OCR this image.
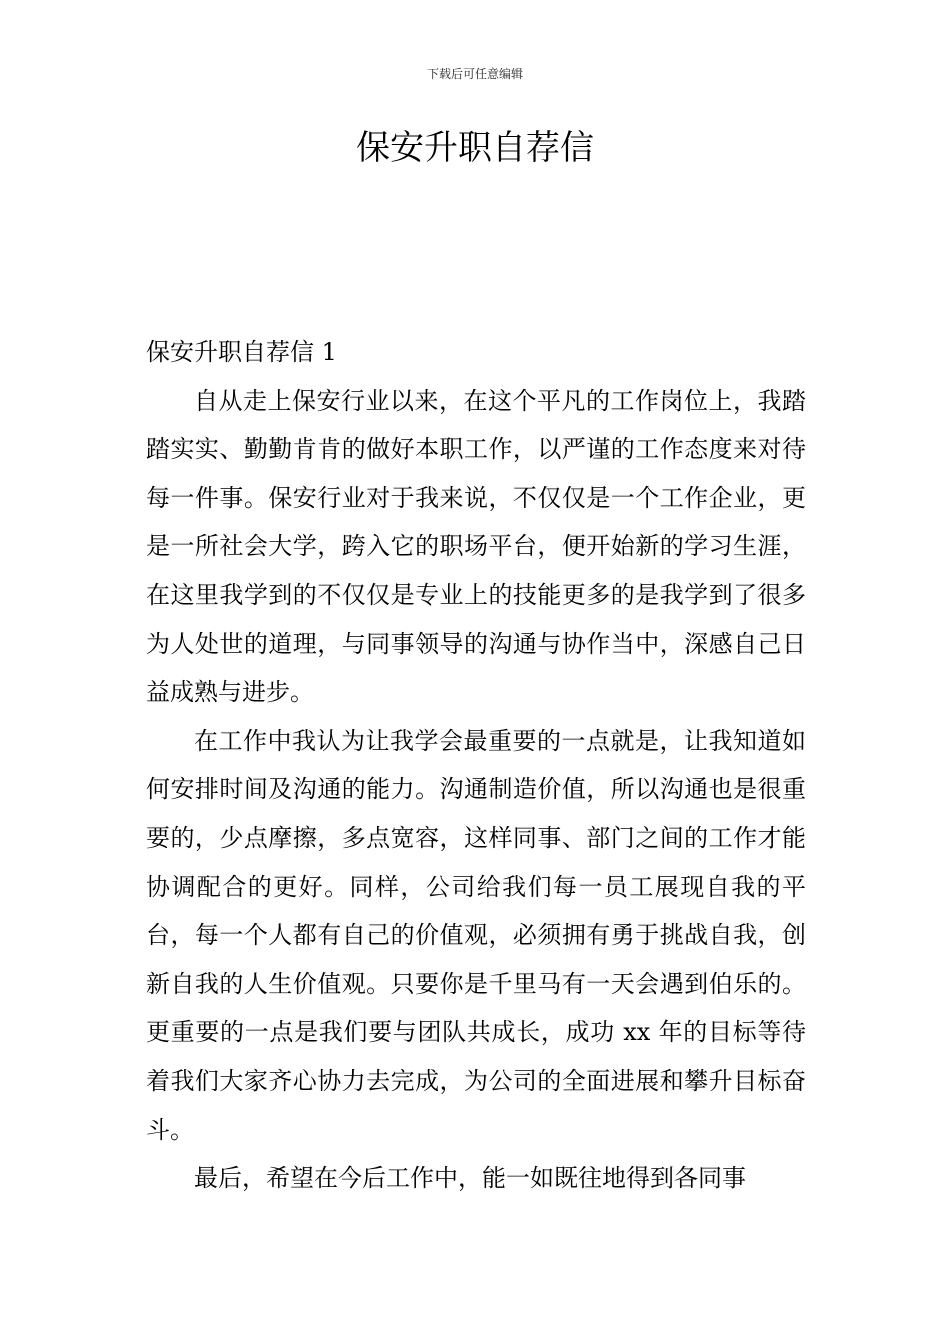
下载后可任意编辑
保安升职自荐信

保安升职自荐信 1

自从走上保安行业以来，在这个平凡的工作岗位上，我踏踏实实、勤勤肯肯的做好本职工作，以严谨的工作态度来对待每一件事。保安行业对于我来说，不仅仅是一个工作企业，更是一所社会大学，跨入它的职场平台，便开始新的学习生涯，在这里我学到的不仅仅是专业上的技能更多的是我学到了很多为人处世的道理，与同事领导的沟通与协作当中，深感自己日益成熟与进步。

在工作中我认为让我学会最重要的一点就是，让我知道如何安排时间及沟通的能力。沟通制造价值，所以沟通也是很重要的，少点摩擦，多点宽容，这样同事、部门之间的工作才能协调配合的更好。同样，公司给我们每一员工展现自我的平台，每一个人都有自己的价值观，必须拥有勇于挑战自我，创新自我的人生价值观。只要你是千里马有一天会遇到伯乐的。更重要的一点是我们要与团队共成长，成功 xx 年的目标等待着我们大家齐心协力去完成，为公司的全面进展和攀升目标奋斗。

最后，希望在今后工作中，能一如既往地得到各同事
